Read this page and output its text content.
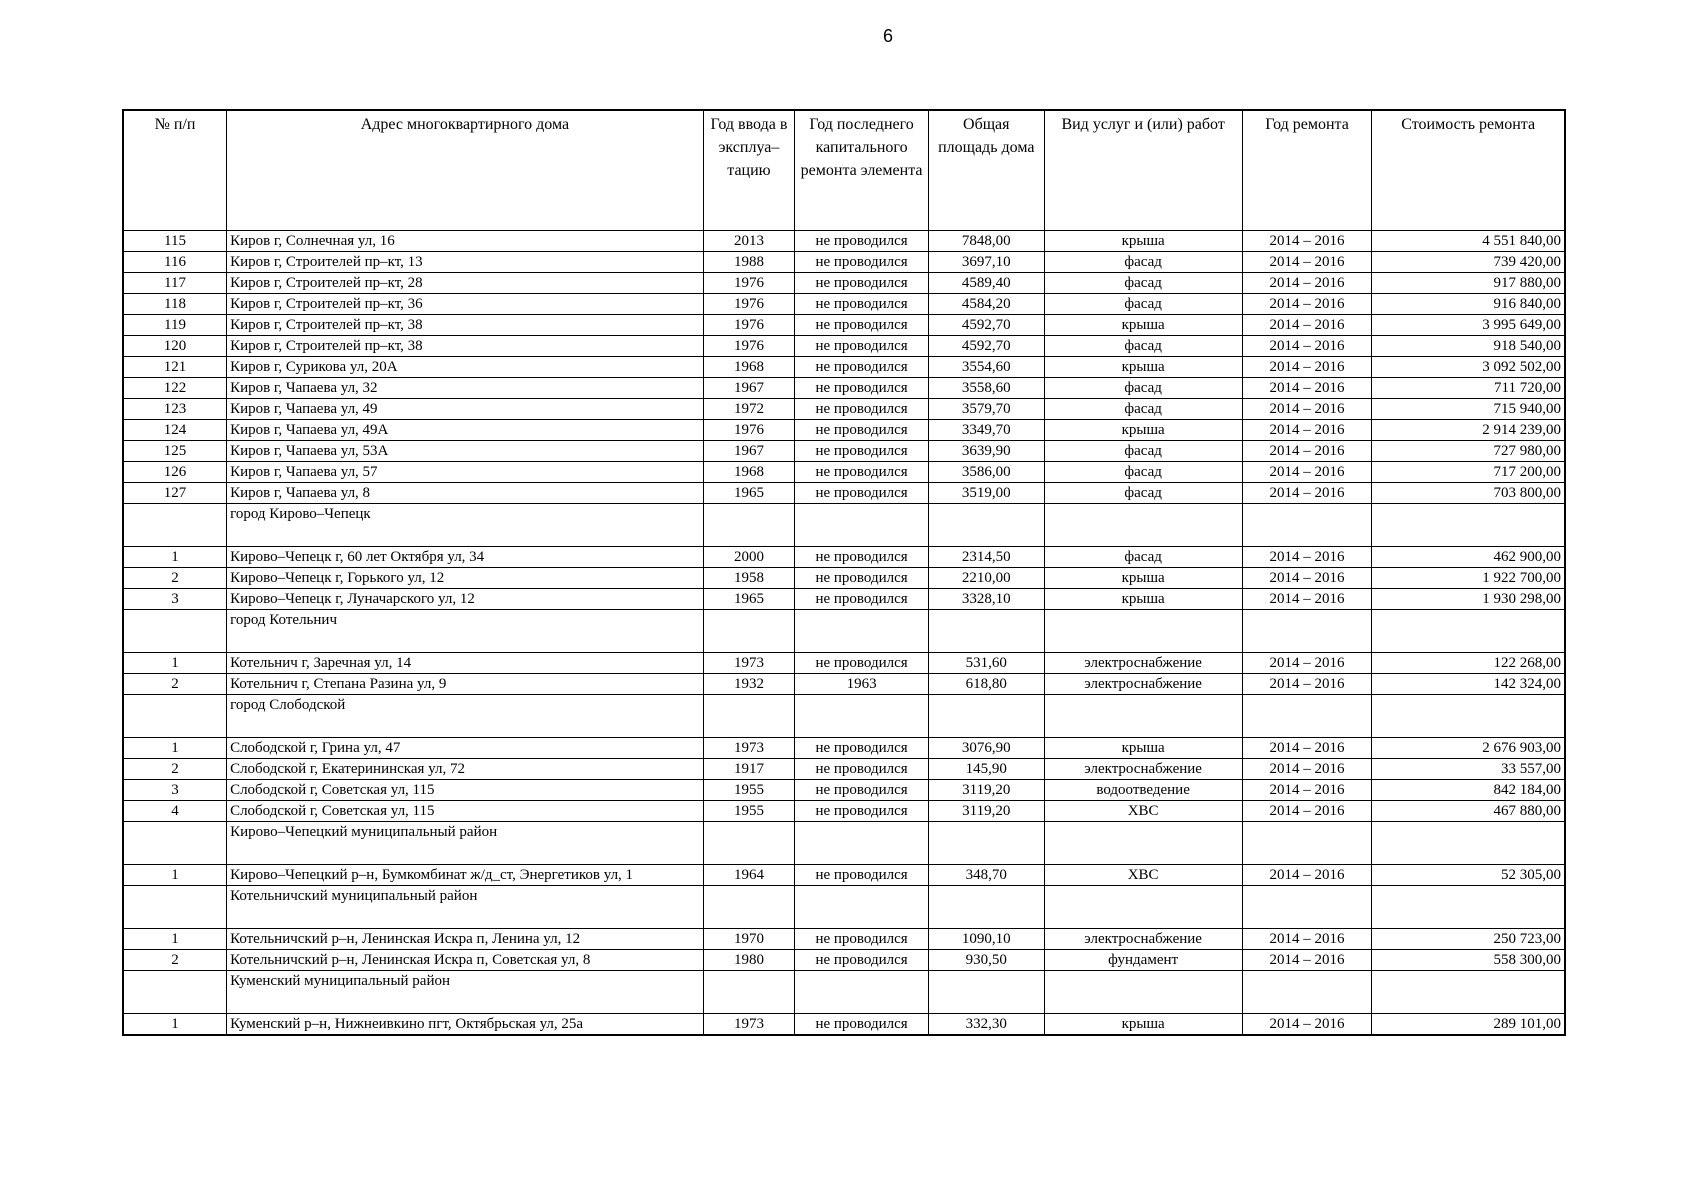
6
№ п/п	Адрес многоквартирного дома	Год ввода в эксплуа–тацию	Год последнего капитального ремонта элемента	Общая площадь дома	Вид услуг и (или) работ	Год ремонта	Стоимость ремонта
115	Киров г, Солнечная ул, 16	2013	не проводился	7848,00	крыша	2014 – 2016	4 551 840,00
116	Киров г, Строителей пр–кт, 13	1988	не проводился	3697,10	фасад	2014 – 2016	739 420,00
117	Киров г, Строителей пр–кт, 28	1976	не проводился	4589,40	фасад	2014 – 2016	917 880,00
118	Киров г, Строителей пр–кт, 36	1976	не проводился	4584,20	фасад	2014 – 2016	916 840,00
119	Киров г, Строителей пр–кт, 38	1976	не проводился	4592,70	крыша	2014 – 2016	3 995 649,00
120	Киров г, Строителей пр–кт, 38	1976	не проводился	4592,70	фасад	2014 – 2016	918 540,00
121	Киров г, Сурикова ул, 20А	1968	не проводился	3554,60	крыша	2014 – 2016	3 092 502,00
122	Киров г, Чапаева ул, 32	1967	не проводился	3558,60	фасад	2014 – 2016	711 720,00
123	Киров г, Чапаева ул, 49	1972	не проводился	3579,70	фасад	2014 – 2016	715 940,00
124	Киров г, Чапаева ул, 49А	1976	не проводился	3349,70	крыша	2014 – 2016	2 914 239,00
125	Киров г, Чапаева ул, 53А	1967	не проводился	3639,90	фасад	2014 – 2016	727 980,00
126	Киров г, Чапаева ул, 57	1968	не проводился	3586,00	фасад	2014 – 2016	717 200,00
127	Киров г, Чапаева ул, 8	1965	не проводился	3519,00	фасад	2014 – 2016	703 800,00
	город Кирово–Чепецк						
1	Кирово–Чепецк г, 60 лет Октября ул, 34	2000	не проводился	2314,50	фасад	2014 – 2016	462 900,00
2	Кирово–Чепецк г, Горького ул, 12	1958	не проводился	2210,00	крыша	2014 – 2016	1 922 700,00
3	Кирово–Чепецк г, Луначарского ул, 12	1965	не проводился	3328,10	крыша	2014 – 2016	1 930 298,00
	город Котельнич						
1	Котельнич г, Заречная ул, 14	1973	не проводился	531,60	электроснабжение	2014 – 2016	122 268,00
2	Котельнич г, Степана Разина ул, 9	1932	1963	618,80	электроснабжение	2014 – 2016	142 324,00
	город Слободской						
1	Слободской г, Грина ул, 47	1973	не проводился	3076,90	крыша	2014 – 2016	2 676 903,00
2	Слободской г, Екатерининская ул, 72	1917	не проводился	145,90	электроснабжение	2014 – 2016	33 557,00
3	Слободской г, Советская ул, 115	1955	не проводился	3119,20	водоотведение	2014 – 2016	842 184,00
4	Слободской г, Советская ул, 115	1955	не проводился	3119,20	ХВС	2014 – 2016	467 880,00
	Кирово–Чепецкий муниципальный район						
1	Кирово–Чепецкий р–н, Бумкомбинат ж/д_ст, Энергетиков ул, 1	1964	не проводился	348,70	ХВС	2014 – 2016	52 305,00
	Котельничский муниципальный район						
1	Котельничский р–н, Ленинская Искра п, Ленина ул, 12	1970	не проводился	1090,10	электроснабжение	2014 – 2016	250 723,00
2	Котельничский р–н, Ленинская Искра п, Советская ул, 8	1980	не проводился	930,50	фундамент	2014 – 2016	558 300,00
	Куменский муниципальный район						
1	Куменский р–н, Нижнеивкино пгт, Октябрьская ул, 25а	1973	не проводился	332,30	крыша	2014 – 2016	289 101,00
